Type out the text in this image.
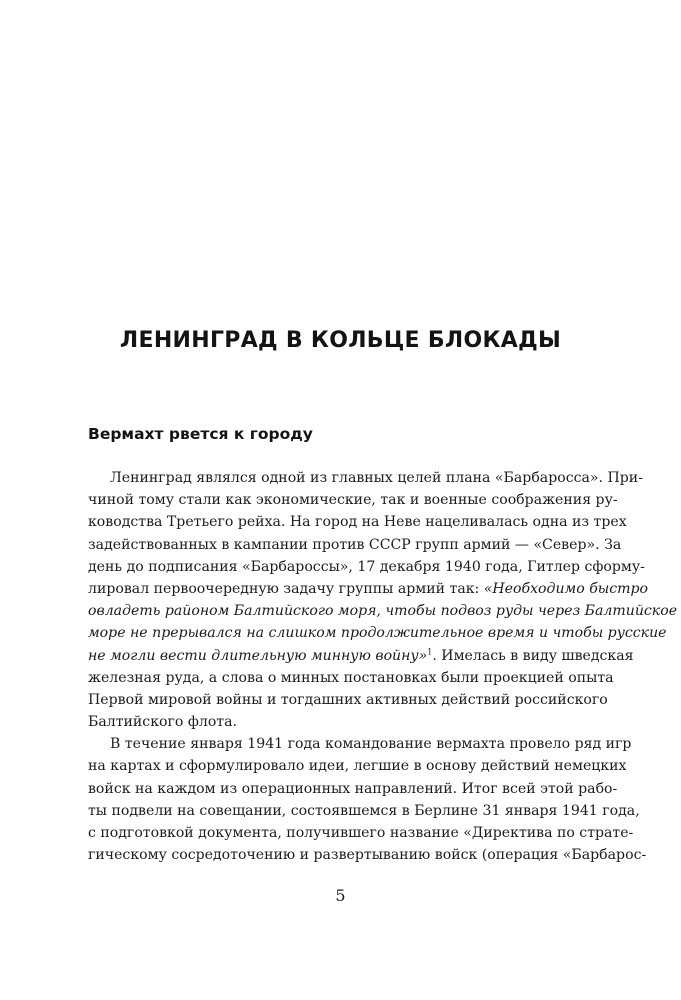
ЛЕНИНГРАД В КОЛЬЦЕ БЛОКАДЫ
Вермахт рвется к городу
Ленинград являлся одной из главных целей плана «Барбаросса». При-
чиной тому стали как экономические, так и военные соображения ру-
ководства Третьего рейха. На город на Неве нацеливалась одна из трех
задействованных в кампании против СССР групп армий — «Север». За
день до подписания «Барбароссы», 17 декабря 1940 года, Гитлер сформу-
лировал первоочередную задачу группы армий так: «Необходимо быстро
овладеть районом Балтийского моря, чтобы подвоз руды через Балтийское
море не прерывался на слишком продолжительное время и чтобы русские
не могли вести длительную минную войну»$^1$. Имелась в виду шведская
железная руда, а слова о минных постановках были проекцией опыта
Первой мировой войны и тогдашних активных действий российского
Балтийского флота.
В течение января 1941 года командование вермахта провело ряд игр
на картах и сформулировало идеи, легшие в основу действий немецких
войск на каждом из операционных направлений. Итог всей этой рабо-
ты подвели на совещании, состоявшемся в Берлине 31 января 1941 года,
с подготовкой документа, получившего название «Директива по страте-
гическому сосредоточению и развертыванию войск (операция «Барбарос-
5
